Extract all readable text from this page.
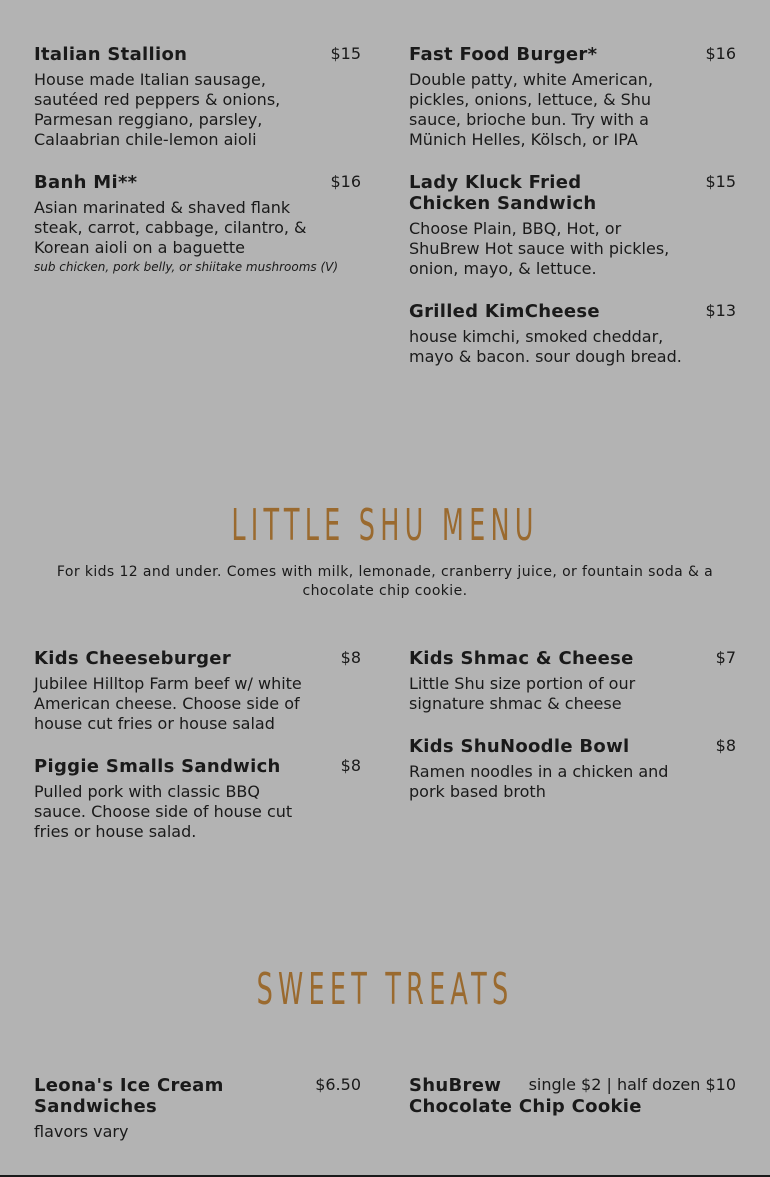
Italian Stallion	$15
House made Italian sausage, sautéed red peppers & onions, Parmesan reggiano, parsley, Calaabrian chile-lemon aioli
Banh Mi**	$16
Asian marinated & shaved flank steak, carrot, cabbage, cilantro, & Korean aioli on a baguette
sub chicken, pork belly, or shiitake mushrooms (V)
Fast Food Burger*	$16
Double patty, white American, pickles, onions, lettuce, & Shu sauce, brioche bun. Try with a Münich Helles, Kölsch, or IPA
Lady Kluck Fried Chicken Sandwich
$15
Choose Plain, BBQ, Hot, or ShuBrew Hot sauce with pickles, onion, mayo, & lettuce.
Grilled KimCheese	$13
house kimchi, smoked cheddar, mayo & bacon. sour dough bread.
LITTLE SHU MENU
For kids 12 and under. Comes with milk, lemonade, cranberry juice, or fountain soda & a chocolate chip cookie.
Kids Cheeseburger	$8
Jubilee Hilltop Farm beef w/ white American cheese. Choose side of house cut fries or house salad
Piggie Smalls Sandwich	$8
Pulled pork with classic BBQ sauce. Choose side of house cut fries or house salad.
Kids Shmac & Cheese	$7
Little Shu size portion of our signature shmac & cheese
Kids ShuNoodle Bowl	$8
Ramen noodles in a chicken and pork based broth
SWEET TREATS
Leona's Ice Cream Sandwiches
$6.50
flavors vary
ShuBrew single $2 | half dozen $10
Chocolate Chip Cookie
